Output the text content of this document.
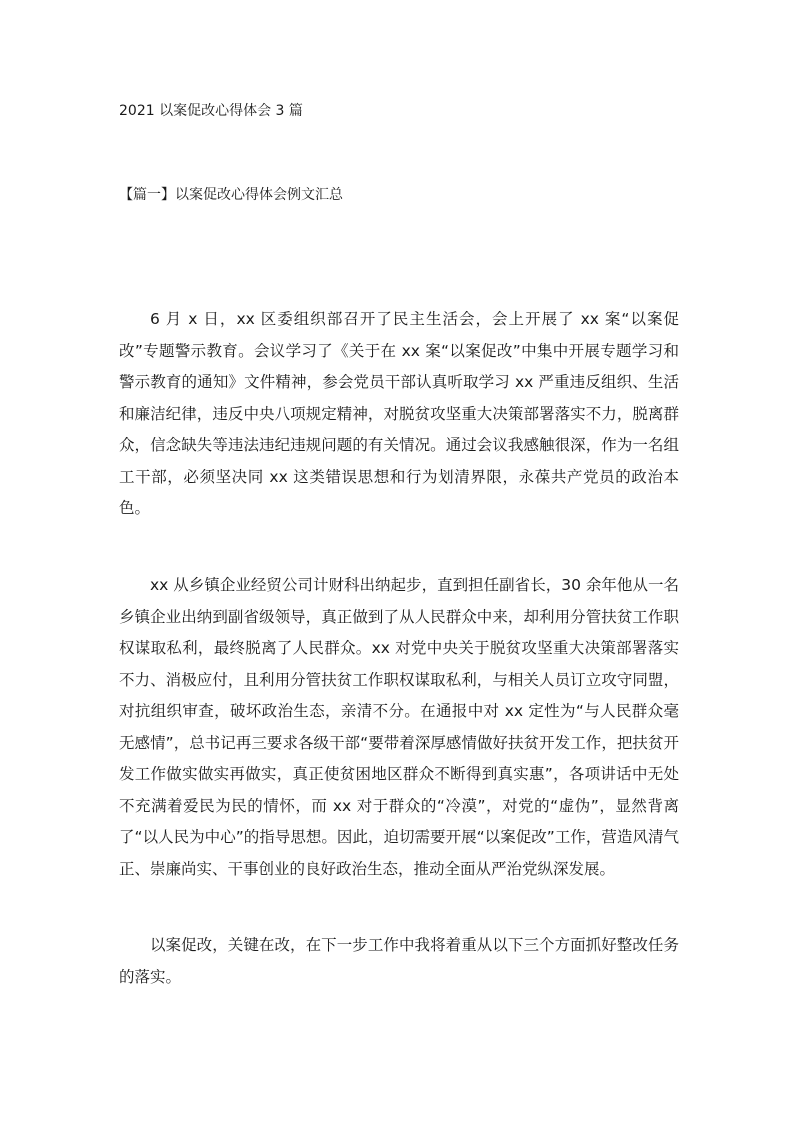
2021 以案促改心得体会 3 篇
【篇一】以案促改心得体会例文汇总

6 月 x 日，xx 区委组织部召开了民主生活会，会上开展了 xx 案“以案促改”专题警示教育。会议学习了《关于在 xx 案“以案促改”中集中开展专题学习和警示教育的通知》文件精神，参会党员干部认真听取学习 xx 严重违反组织、生活和廉洁纪律，违反中央八项规定精神，对脱贫攻坚重大决策部署落实不力，脱离群众，信念缺失等违法违纪违规问题的有关情况。通过会议我感触很深，作为一名组工干部，必须坚决同 xx 这类错误思想和行为划清界限，永葆共产党员的政治本色。

xx 从乡镇企业经贸公司计财科出纳起步，直到担任副省长，30 余年他从一名乡镇企业出纳到副省级领导，真正做到了从人民群众中来，却利用分管扶贫工作职权谋取私利，最终脱离了人民群众。xx 对党中央关于脱贫攻坚重大决策部署落实不力、消极应付，且利用分管扶贫工作职权谋取私利，与相关人员订立攻守同盟，对抗组织审查，破坏政治生态，亲清不分。在通报中对 xx 定性为“与人民群众毫无感情”，总书记再三要求各级干部“要带着深厚感情做好扶贫开发工作，把扶贫开发工作做实做实再做实，真正使贫困地区群众不断得到真实惠”，各项讲话中无处不充满着爱民为民的情怀，而 xx 对于群众的“冷漠”，对党的“虚伪”，显然背离了“以人民为中心”的指导思想。因此，迫切需要开展“以案促改”工作，营造风清气正、崇廉尚实、干事创业的良好政治生态，推动全面从严治党纵深发展。

以案促改，关键在改，在下一步工作中我将着重从以下三个方面抓好整改任务的落实。
